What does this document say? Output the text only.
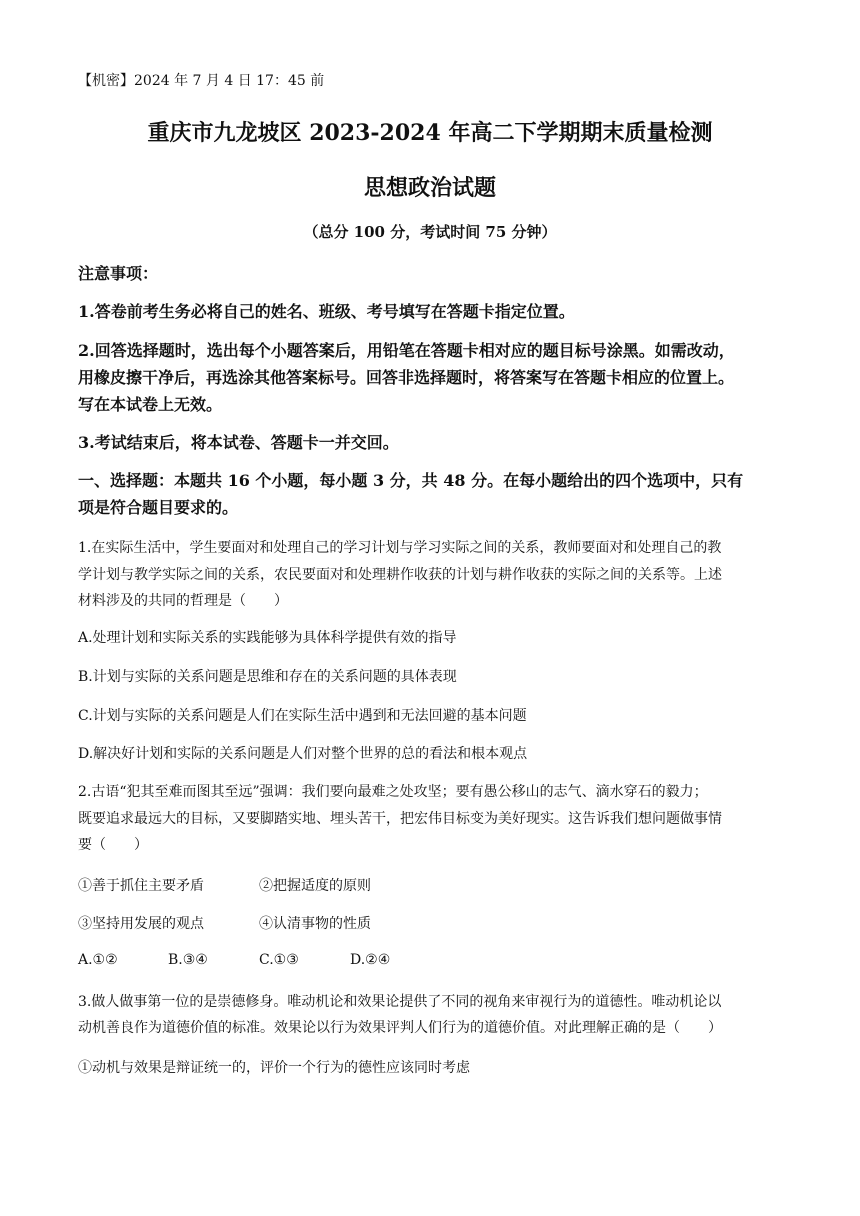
【机密】2024 年 7 月 4 日 17：45 前
重庆市九龙坡区 2023-2024 年高二下学期期末质量检测
思想政治试题
（总分 100 分，考试时间 75 分钟）
注意事项：
1.答卷前考生务必将自己的姓名、班级、考号填写在答题卡指定位置。
2.回答选择题时，选出每个小题答案后，用铅笔在答题卡相对应的题目标号涂黑。如需改动，
用橡皮擦干净后，再选涂其他答案标号。回答非选择题时，将答案写在答题卡相应的位置上。
写在本试卷上无效。
3.考试结束后，将本试卷、答题卡一并交回。
一、选择题：本题共 16 个小题，每小题 3 分，共 48 分。在每小题给出的四个选项中，只有
项是符合题目要求的。
1.在实际生活中，学生要面对和处理自己的学习计划与学习实际之间的关系，教师要面对和处理自己的教
学计划与教学实际之间的关系，农民要面对和处理耕作收获的计划与耕作收获的实际之间的关系等。上述
材料涉及的共同的哲理是（　　）
A.处理计划和实际关系的实践能够为具体科学提供有效的指导
B.计划与实际的关系问题是思维和存在的关系问题的具体表现
C.计划与实际的关系问题是人们在实际生活中遇到和无法回避的基本问题
D.解决好计划和实际的关系问题是人们对整个世界的总的看法和根本观点
2.古语“犯其至难而图其至远”强调：我们要向最难之处攻坚；要有愚公移山的志气、滴水穿石的毅力；
既要追求最远大的目标，又要脚踏实地、埋头苦干，把宏伟目标变为美好现实。这告诉我们想问题做事情
要（　　）
①善于抓住主要矛盾	②把握适度的原则
③坚持用发展的观点	④认清事物的性质
A.①②	B.③④	C.①③	D.②④
3.做人做事第一位的是崇德修身。唯动机论和效果论提供了不同的视角来审视行为的道德性。唯动机论以
动机善良作为道德价值的标准。效果论以行为效果评判人们行为的道德价值。对此理解正确的是（　　）
①动机与效果是辩证统一的，评价一个行为的德性应该同时考虑
